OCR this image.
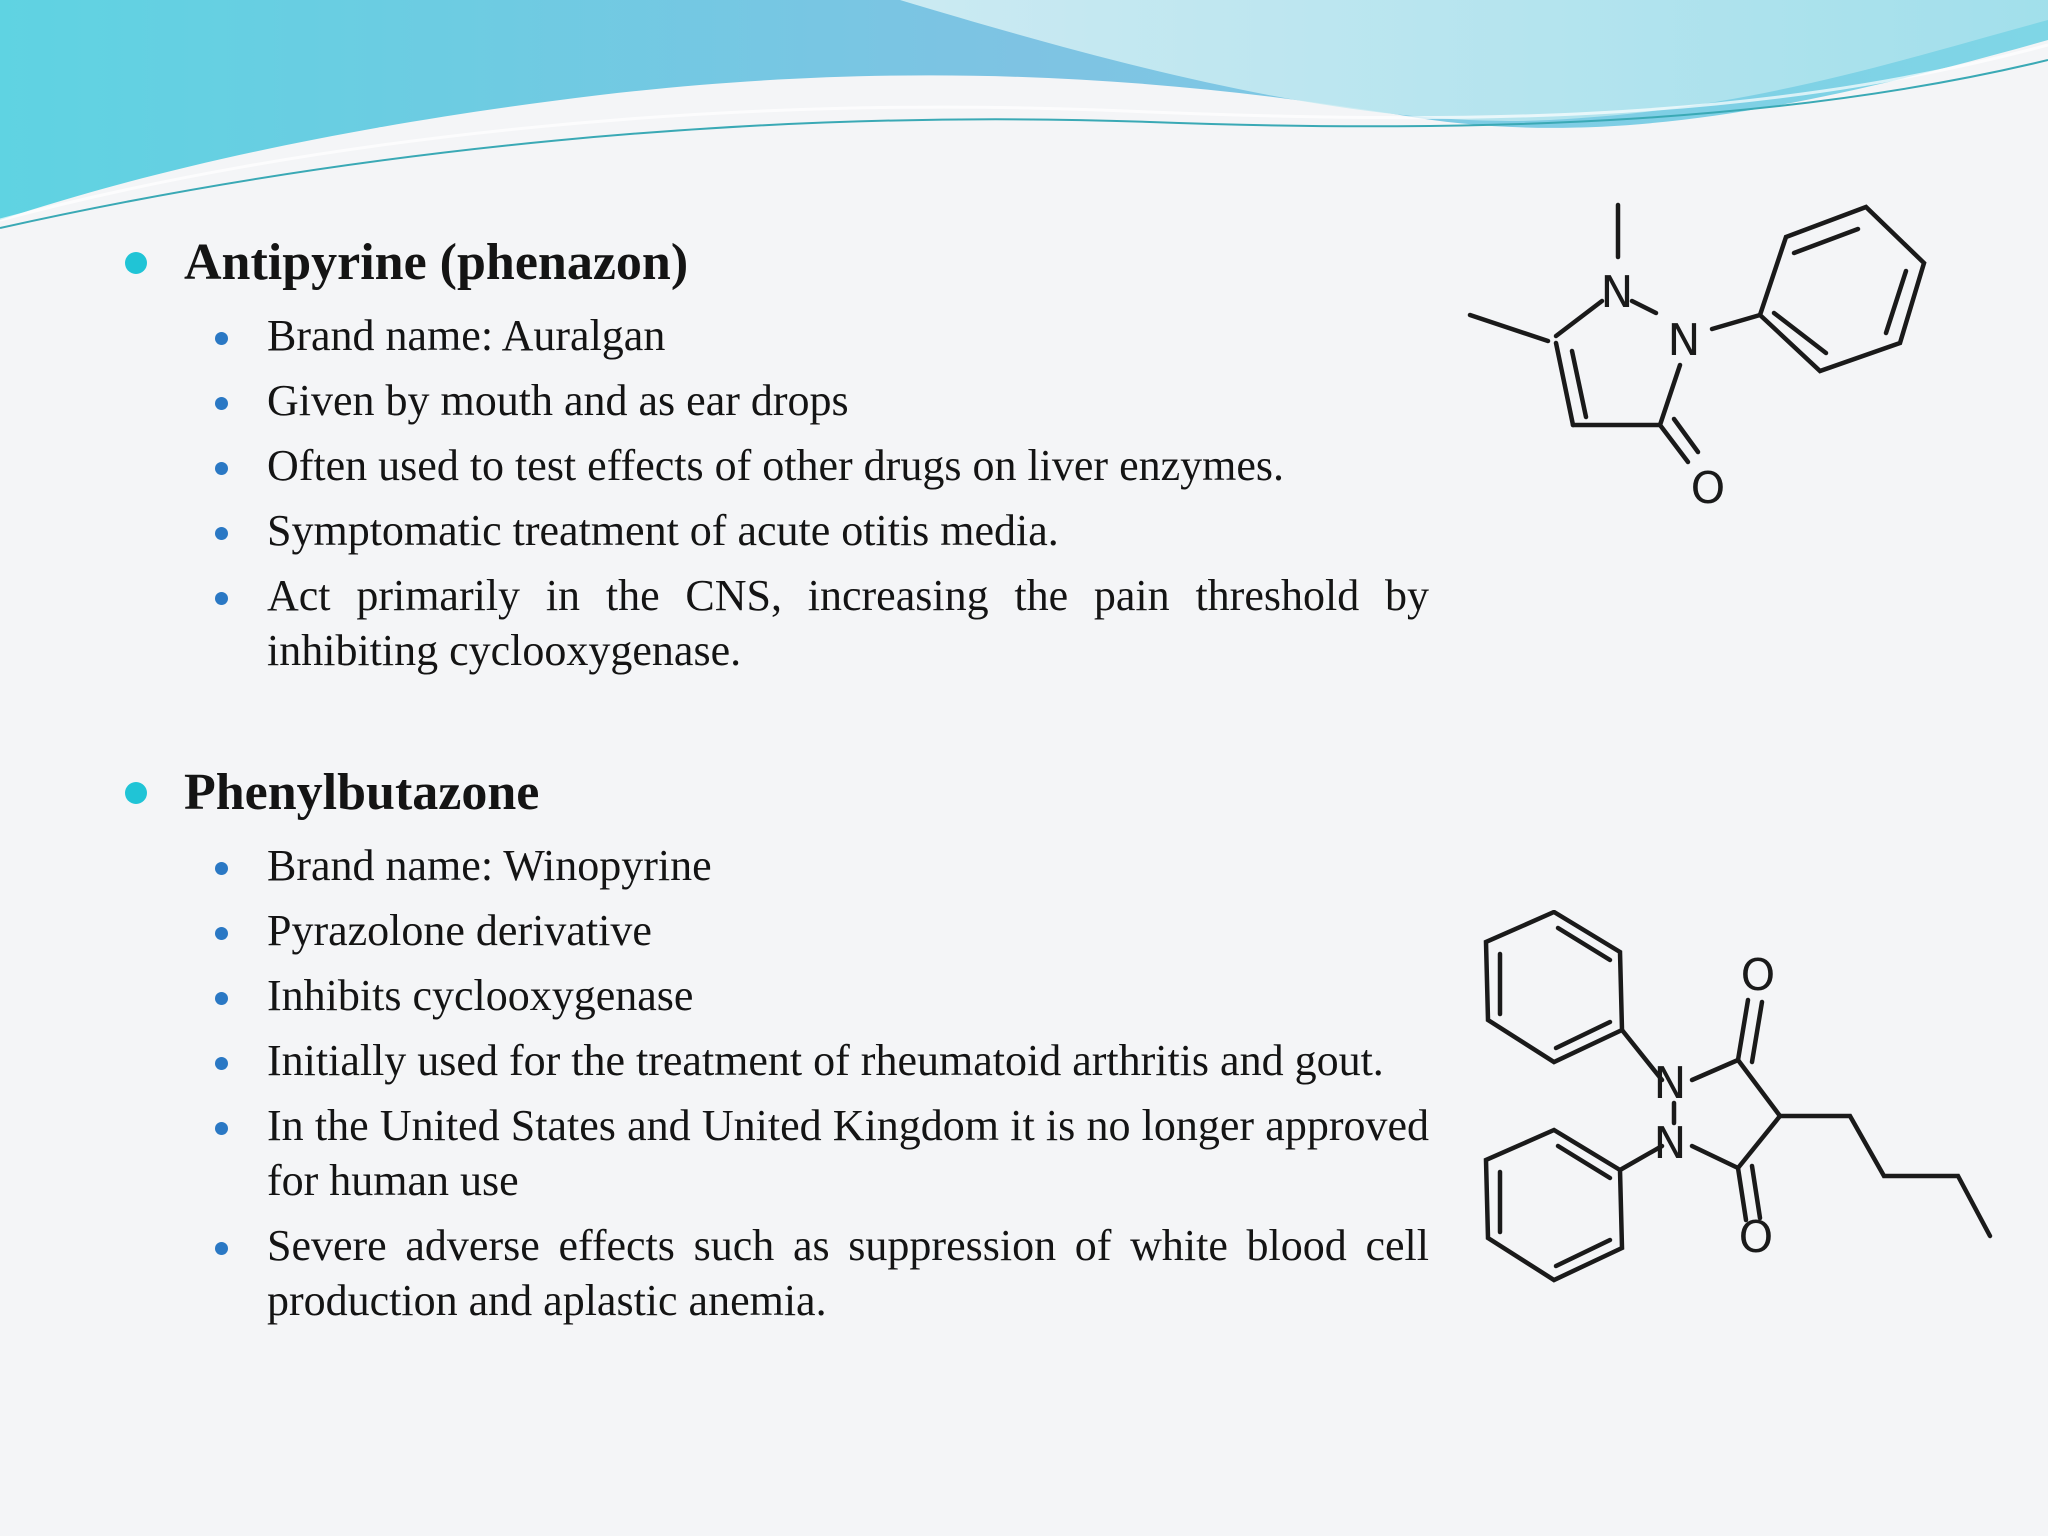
Antipyrine (phenazon)
Brand name: Auralgan
Given by mouth and as ear drops
Often used to test effects of other drugs on liver enzymes.
Symptomatic treatment of acute otitis media.
Act primarily in the CNS, increasing the pain threshold by inhibiting cyclooxygenase.
Phenylbutazone
Brand name: Winopyrine
Pyrazolone derivative
Inhibits cyclooxygenase
Initially used for the treatment of rheumatoid arthritis and gout.
In the United States and United Kingdom it is no longer approved for human use
Severe adverse effects such as suppression of white blood cell production and aplastic anemia.
N
N
O
O
N
N
O
